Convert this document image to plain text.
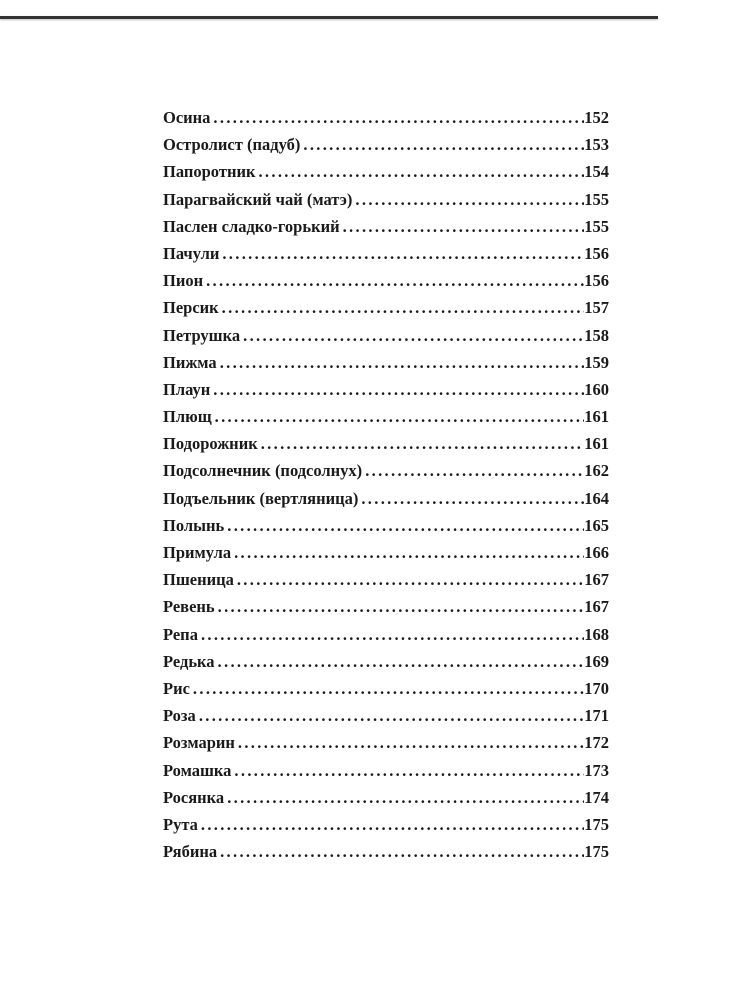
Осина . . .	152
Остролист (падуб) . . .	153
Папоротник . . .	154
Парагвайский чай (матэ) . . .	155
Паслен сладко-горький . . .	155
Пачули . . .	156
Пион . . .	156
Персик . . .	157
Петрушка . . .	158
Пижма . . .	159
Плаун . . .	160
Плющ . . .	161
Подорожник . . .	161
Подсолнечник (подсолнух) . . .	162
Подъельник (вертляница) . . .	164
Полынь . . .	165
Примула . . .	166
Пшеница . . .	167
Ревень . . .	167
Репа . . .	168
Редька . . .	169
Рис . . .	170
Роза . . .	171
Розмарин . . .	172
Ромашка . . .	173
Росянка . . .	174
Рута . . .	175
Рябина . . .	175
